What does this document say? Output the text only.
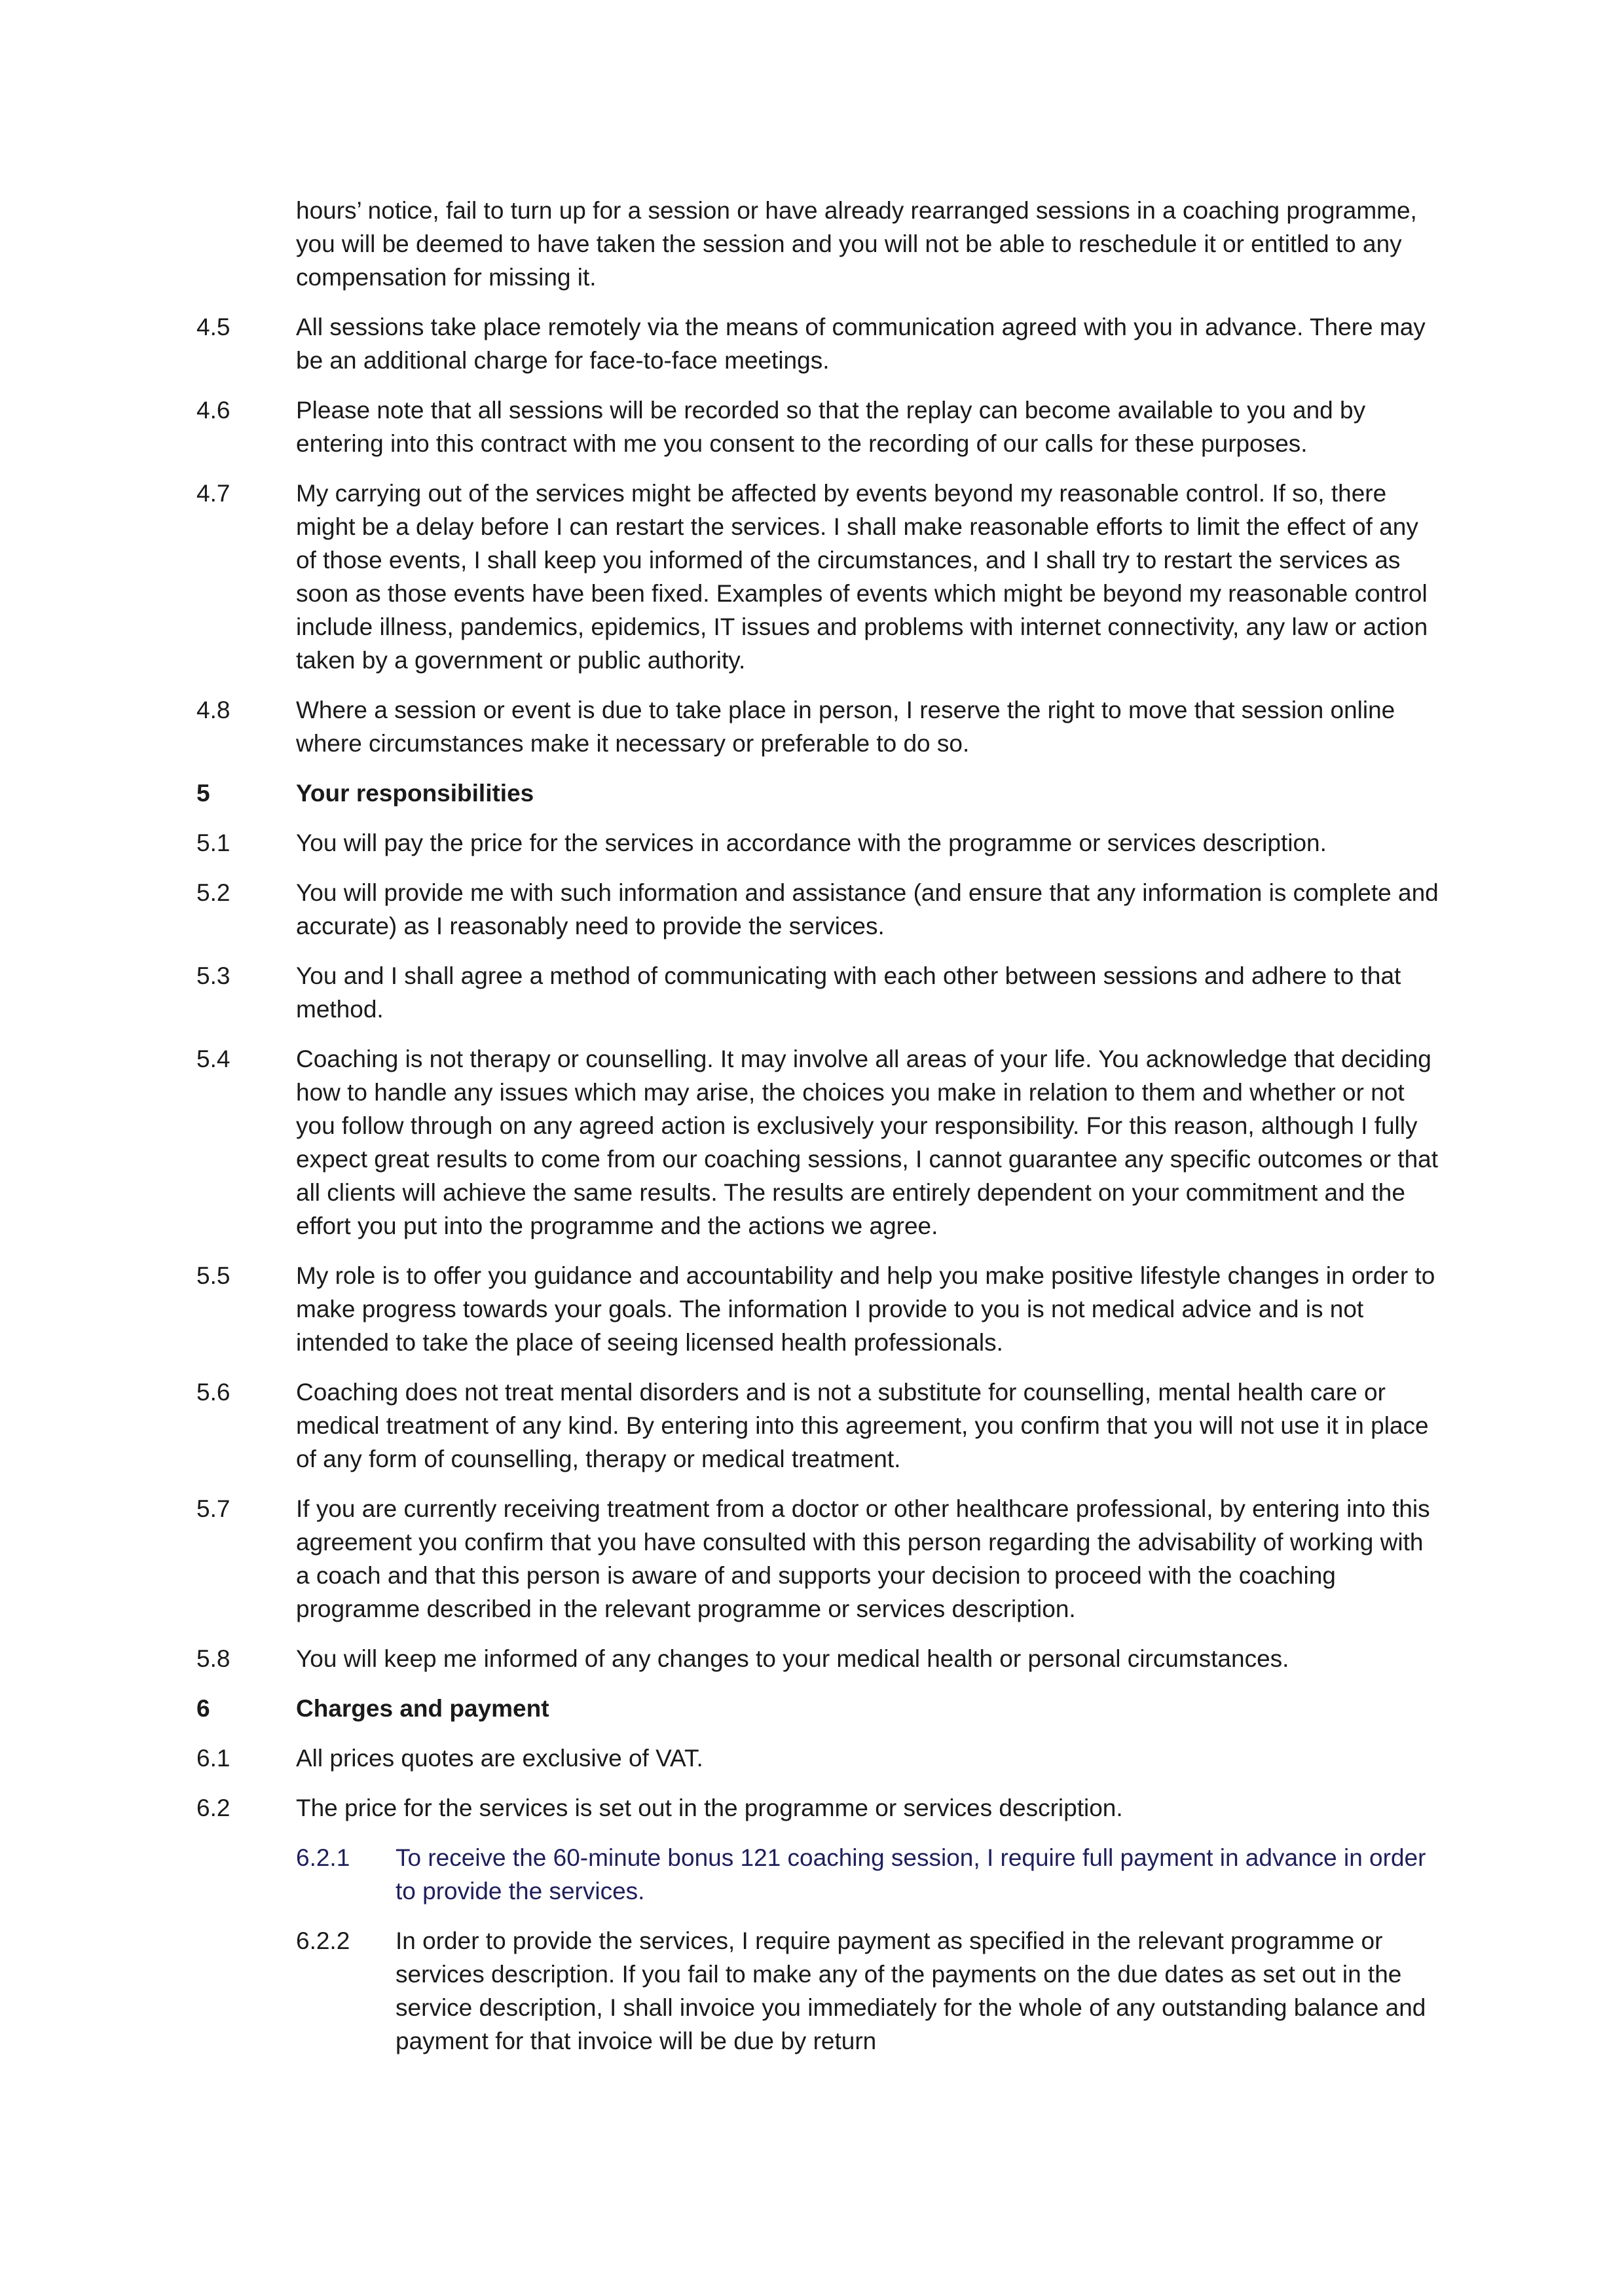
hours’ notice, fail to turn up for a session or have already rearranged sessions in a coaching programme, you will be deemed to have taken the session and you will not be able to reschedule it or entitled to any compensation for missing it.
4.5	All sessions take place remotely via the means of communication agreed with you in advance. There may be an additional charge for face-to-face meetings.
4.6	Please note that all sessions will be recorded so that the replay can become available to you and by entering into this contract with me you consent to the recording of our calls for these purposes.
4.7	My carrying out of the services might be affected by events beyond my reasonable control. If so, there might be a delay before I can restart the services. I shall make reasonable efforts to limit the effect of any of those events, I shall keep you informed of the circumstances, and I shall try to restart the services as soon as those events have been fixed. Examples of events which might be beyond my reasonable control include illness, pandemics, epidemics, IT issues and problems with internet connectivity, any law or action taken by a government or public authority.
4.8	Where a session or event is due to take place in person, I reserve the right to move that session online where circumstances make it necessary or preferable to do so.
5	Your responsibilities
5.1	You will pay the price for the services in accordance with the programme or services description.
5.2	You will provide me with such information and assistance (and ensure that any information is complete and accurate) as I reasonably need to provide the services.
5.3	You and I shall agree a method of communicating with each other between sessions and adhere to that method.
5.4	Coaching is not therapy or counselling. It may involve all areas of your life. You acknowledge that deciding how to handle any issues which may arise, the choices you make in relation to them and whether or not you follow through on any agreed action is exclusively your responsibility. For this reason, although I fully expect great results to come from our coaching sessions, I cannot guarantee any specific outcomes or that all clients will achieve the same results. The results are entirely dependent on your commitment and the effort you put into the programme and the actions we agree.
5.5	My role is to offer you guidance and accountability and help you make positive lifestyle changes in order to make progress towards your goals. The information I provide to you is not medical advice and is not intended to take the place of seeing licensed health professionals.
5.6	Coaching does not treat mental disorders and is not a substitute for counselling, mental health care or medical treatment of any kind. By entering into this agreement, you confirm that you will not use it in place of any form of counselling, therapy or medical treatment.
5.7	If you are currently receiving treatment from a doctor or other healthcare professional, by entering into this agreement you confirm that you have consulted with this person regarding the advisability of working with a coach and that this person is aware of and supports your decision to proceed with the coaching programme described in the relevant programme or services description.
5.8	You will keep me informed of any changes to your medical health or personal circumstances.
6	Charges and payment
6.1	All prices quotes are exclusive of VAT.
6.2	The price for the services is set out in the programme or services description.
6.2.1	To receive the 60-minute bonus 121 coaching session, I require full payment in advance in order to provide the services.
6.2.2	In order to provide the services, I require payment as specified in the relevant programme or services description. If you fail to make any of the payments on the due dates as set out in the service description, I shall invoice you immediately for the whole of any outstanding balance and payment for that invoice will be due by return
